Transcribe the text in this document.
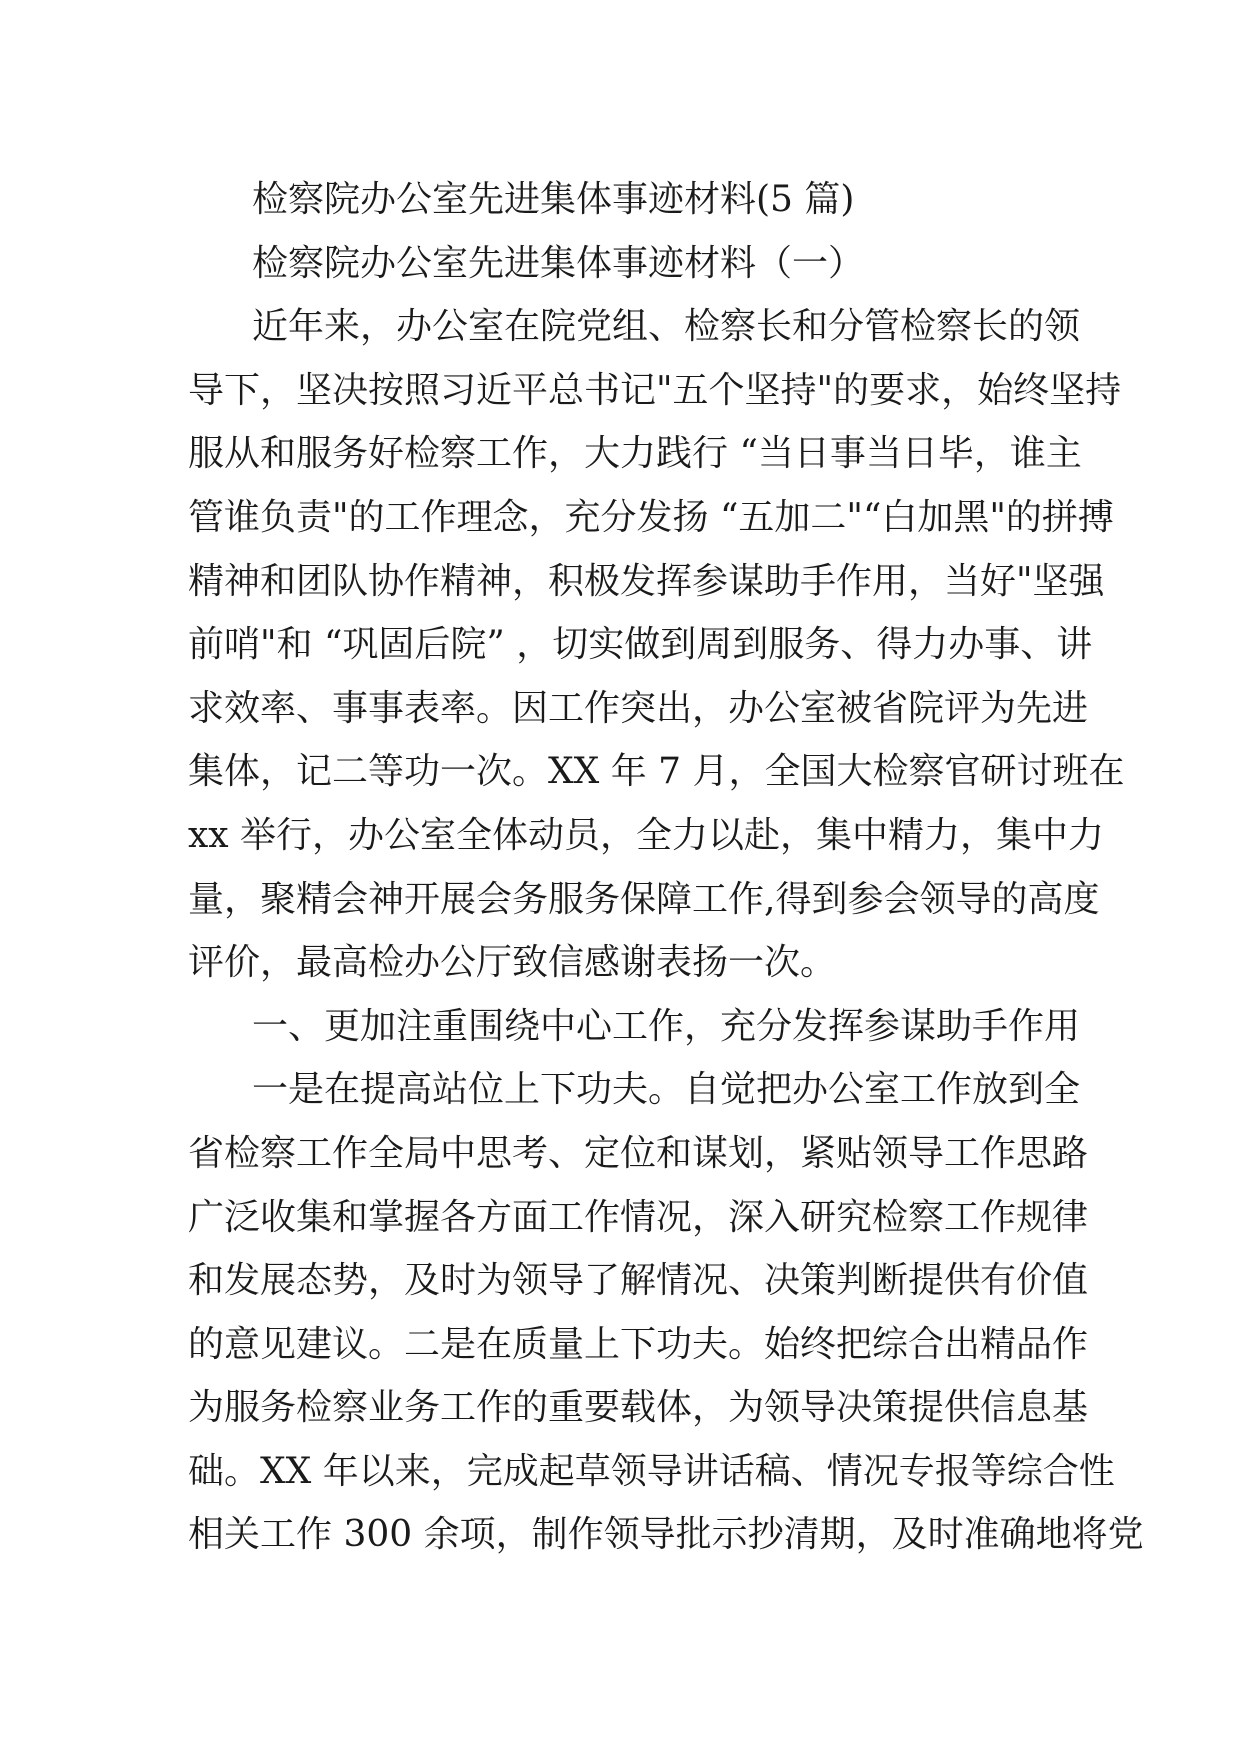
检察院办公室先进集体事迹材料(5 篇)
检察院办公室先进集体事迹材料（一）
近年来，办公室在院党组、检察长和分管检察长的领
导下，坚决按照习近平总书记"五个坚持"的要求，始终坚持
服从和服务好检察工作，大力践行 “当日事当日毕，谁主
管谁负责"的工作理念，充分发扬 “五加二"“白加黑"的拼搏
精神和团队协作精神，积极发挥参谋助手作用，当好"坚强
前哨"和 “巩固后院” ，切实做到周到服务、得力办事、讲
求效率、事事表率。因工作突出，办公室被省院评为先进
集体，记二等功一次。XX 年 7 月，全国大检察官研讨班在
xx 举行，办公室全体动员，全力以赴，集中精力，集中力
量，聚精会神开展会务服务保障工作,得到参会领导的高度
评价，最高检办公厅致信感谢表扬一次。
一、更加注重围绕中心工作，充分发挥参谋助手作用
一是在提高站位上下功夫。自觉把办公室工作放到全
省检察工作全局中思考、定位和谋划，紧贴领导工作思路
广泛收集和掌握各方面工作情况，深入研究检察工作规律
和发展态势，及时为领导了解情况、决策判断提供有价值
的意见建议。二是在质量上下功夫。始终把综合出精品作
为服务检察业务工作的重要载体，为领导决策提供信息基
础。XX 年以来，完成起草领导讲话稿、情况专报等综合性
相关工作 300 余项，制作领导批示抄清期，及时准确地将党
